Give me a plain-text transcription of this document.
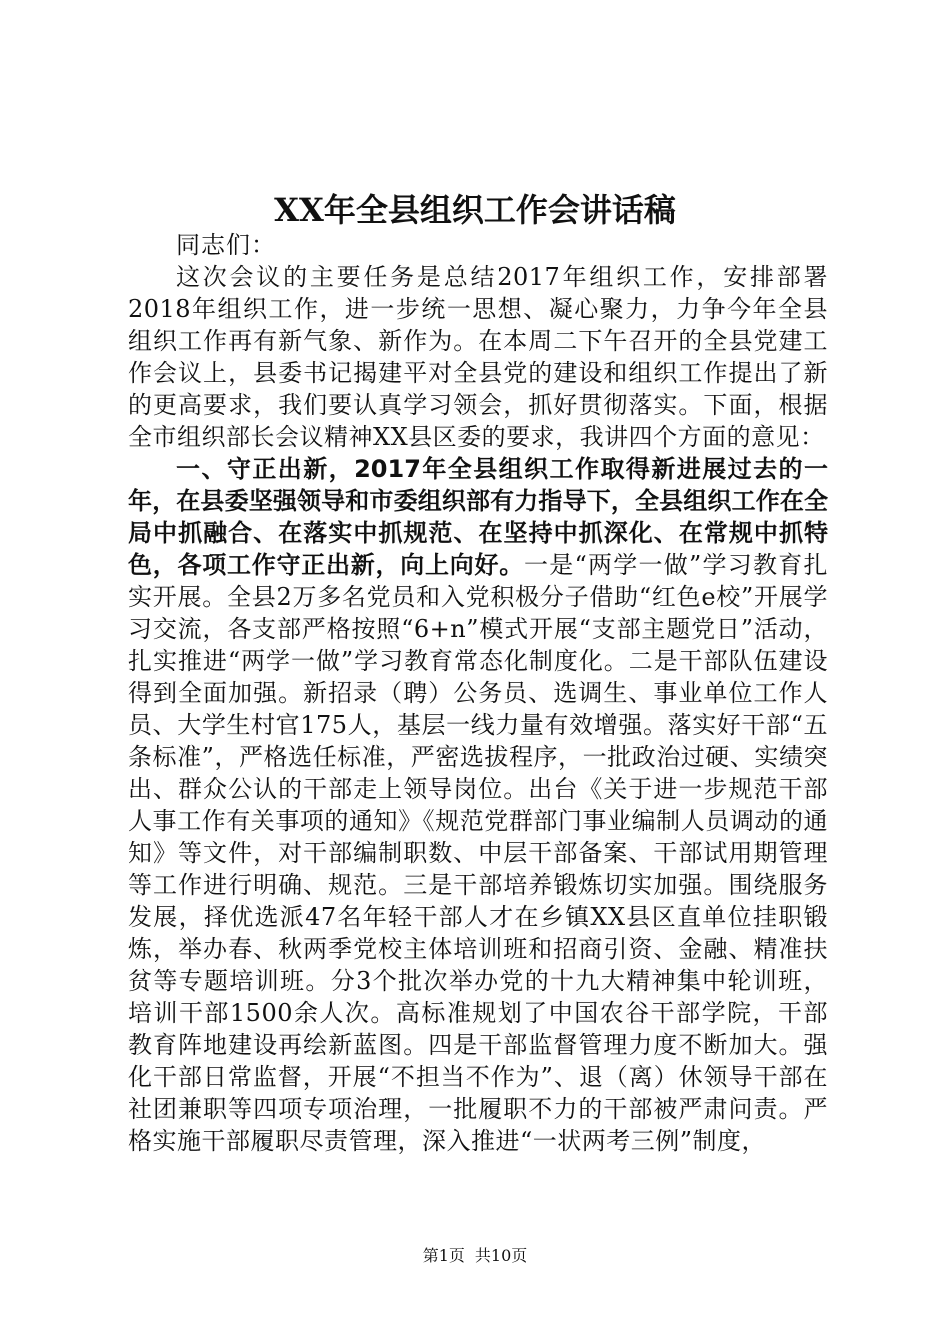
XX年全县组织工作会讲话稿

同志们：

这次会议的主要任务是总结2017年组织工作，安排部署2018年组织工作，进一步统一思想、凝心聚力，力争今年全县组织工作再有新气象、新作为。在本周二下午召开的全县党建工作会议上，县委书记揭建平对全县党的建设和组织工作提出了新的更高要求，我们要认真学习领会，抓好贯彻落实。下面，根据全市组织部长会议精神XX县区委的要求，我讲四个方面的意见：

一、守正出新，2017年全县组织工作取得新进展过去的一年，在县委坚强领导和市委组织部有力指导下，全县组织工作在全局中抓融合、在落实中抓规范、在坚持中抓深化、在常规中抓特色，各项工作守正出新，向上向好。一是“两学一做”学习教育扎实开展。全县2万多名党员和入党积极分子借助“红色e校”开展学习交流，各支部严格按照“6+n”模式开展“支部主题党日”活动，扎实推进“两学一做”学习教育常态化制度化。二是干部队伍建设得到全面加强。新招录（聘）公务员、选调生、事业单位工作人员、大学生村官175人，基层一线力量有效增强。落实好干部“五条标准”，严格选任标准，严密选拔程序，一批政治过硬、实绩突出、群众公认的干部走上领导岗位。出台《关于进一步规范干部人事工作有关事项的通知》《规范党群部门事业编制人员调动的通知》等文件，对干部编制职数、中层干部备案、干部试用期管理等工作进行明确、规范。三是干部培养锻炼切实加强。围绕服务发展，择优选派47名年轻干部人才在乡镇XX县区直单位挂职锻炼，举办春、秋两季党校主体培训班和招商引资、金融、精准扶贫等专题培训班。分3个批次举办党的十九大精神集中轮训班，培训干部1500余人次。高标准规划了中国农谷干部学院，干部教育阵地建设再绘新蓝图。四是干部监督管理力度不断加大。强化干部日常监督，开展“不担当不作为”、退（离）休领导干部在社团兼职等四项专项治理，一批履职不力的干部被严肃问责。严格实施干部履职尽责管理，深入推进“一状两考三例”制度，

第1页 共10页
